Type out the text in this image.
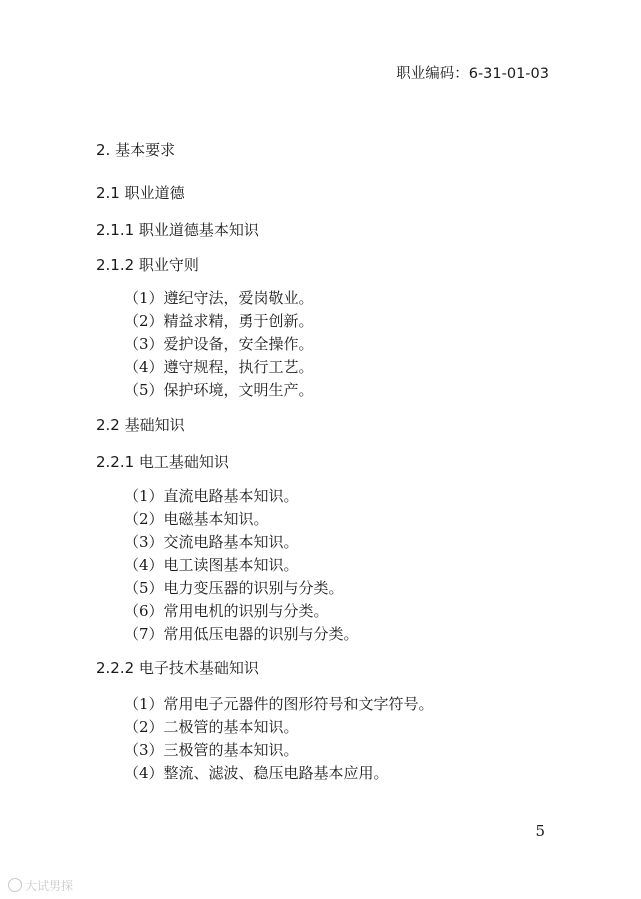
职业编码：6-31-01-03
2. 基本要求
2.1 职业道德
2.1.1 职业道德基本知识
2.1.2 职业守则
（1）遵纪守法，爱岗敬业。
（2）精益求精，勇于创新。
（3）爱护设备，安全操作。
（4）遵守规程，执行工艺。
（5）保护环境，文明生产。
2.2 基础知识
2.2.1 电工基础知识
（1）直流电路基本知识。
（2）电磁基本知识。
（3）交流电路基本知识。
（4）电工读图基本知识。
（5）电力变压器的识别与分类。
（6）常用电机的识别与分类。
（7）常用低压电器的识别与分类。
2.2.2 电子技术基础知识
（1）常用电子元器件的图形符号和文字符号。
（2）二极管的基本知识。
（3）三极管的基本知识。
（4）整流、滤波、稳压电路基本应用。
5
大试男探
